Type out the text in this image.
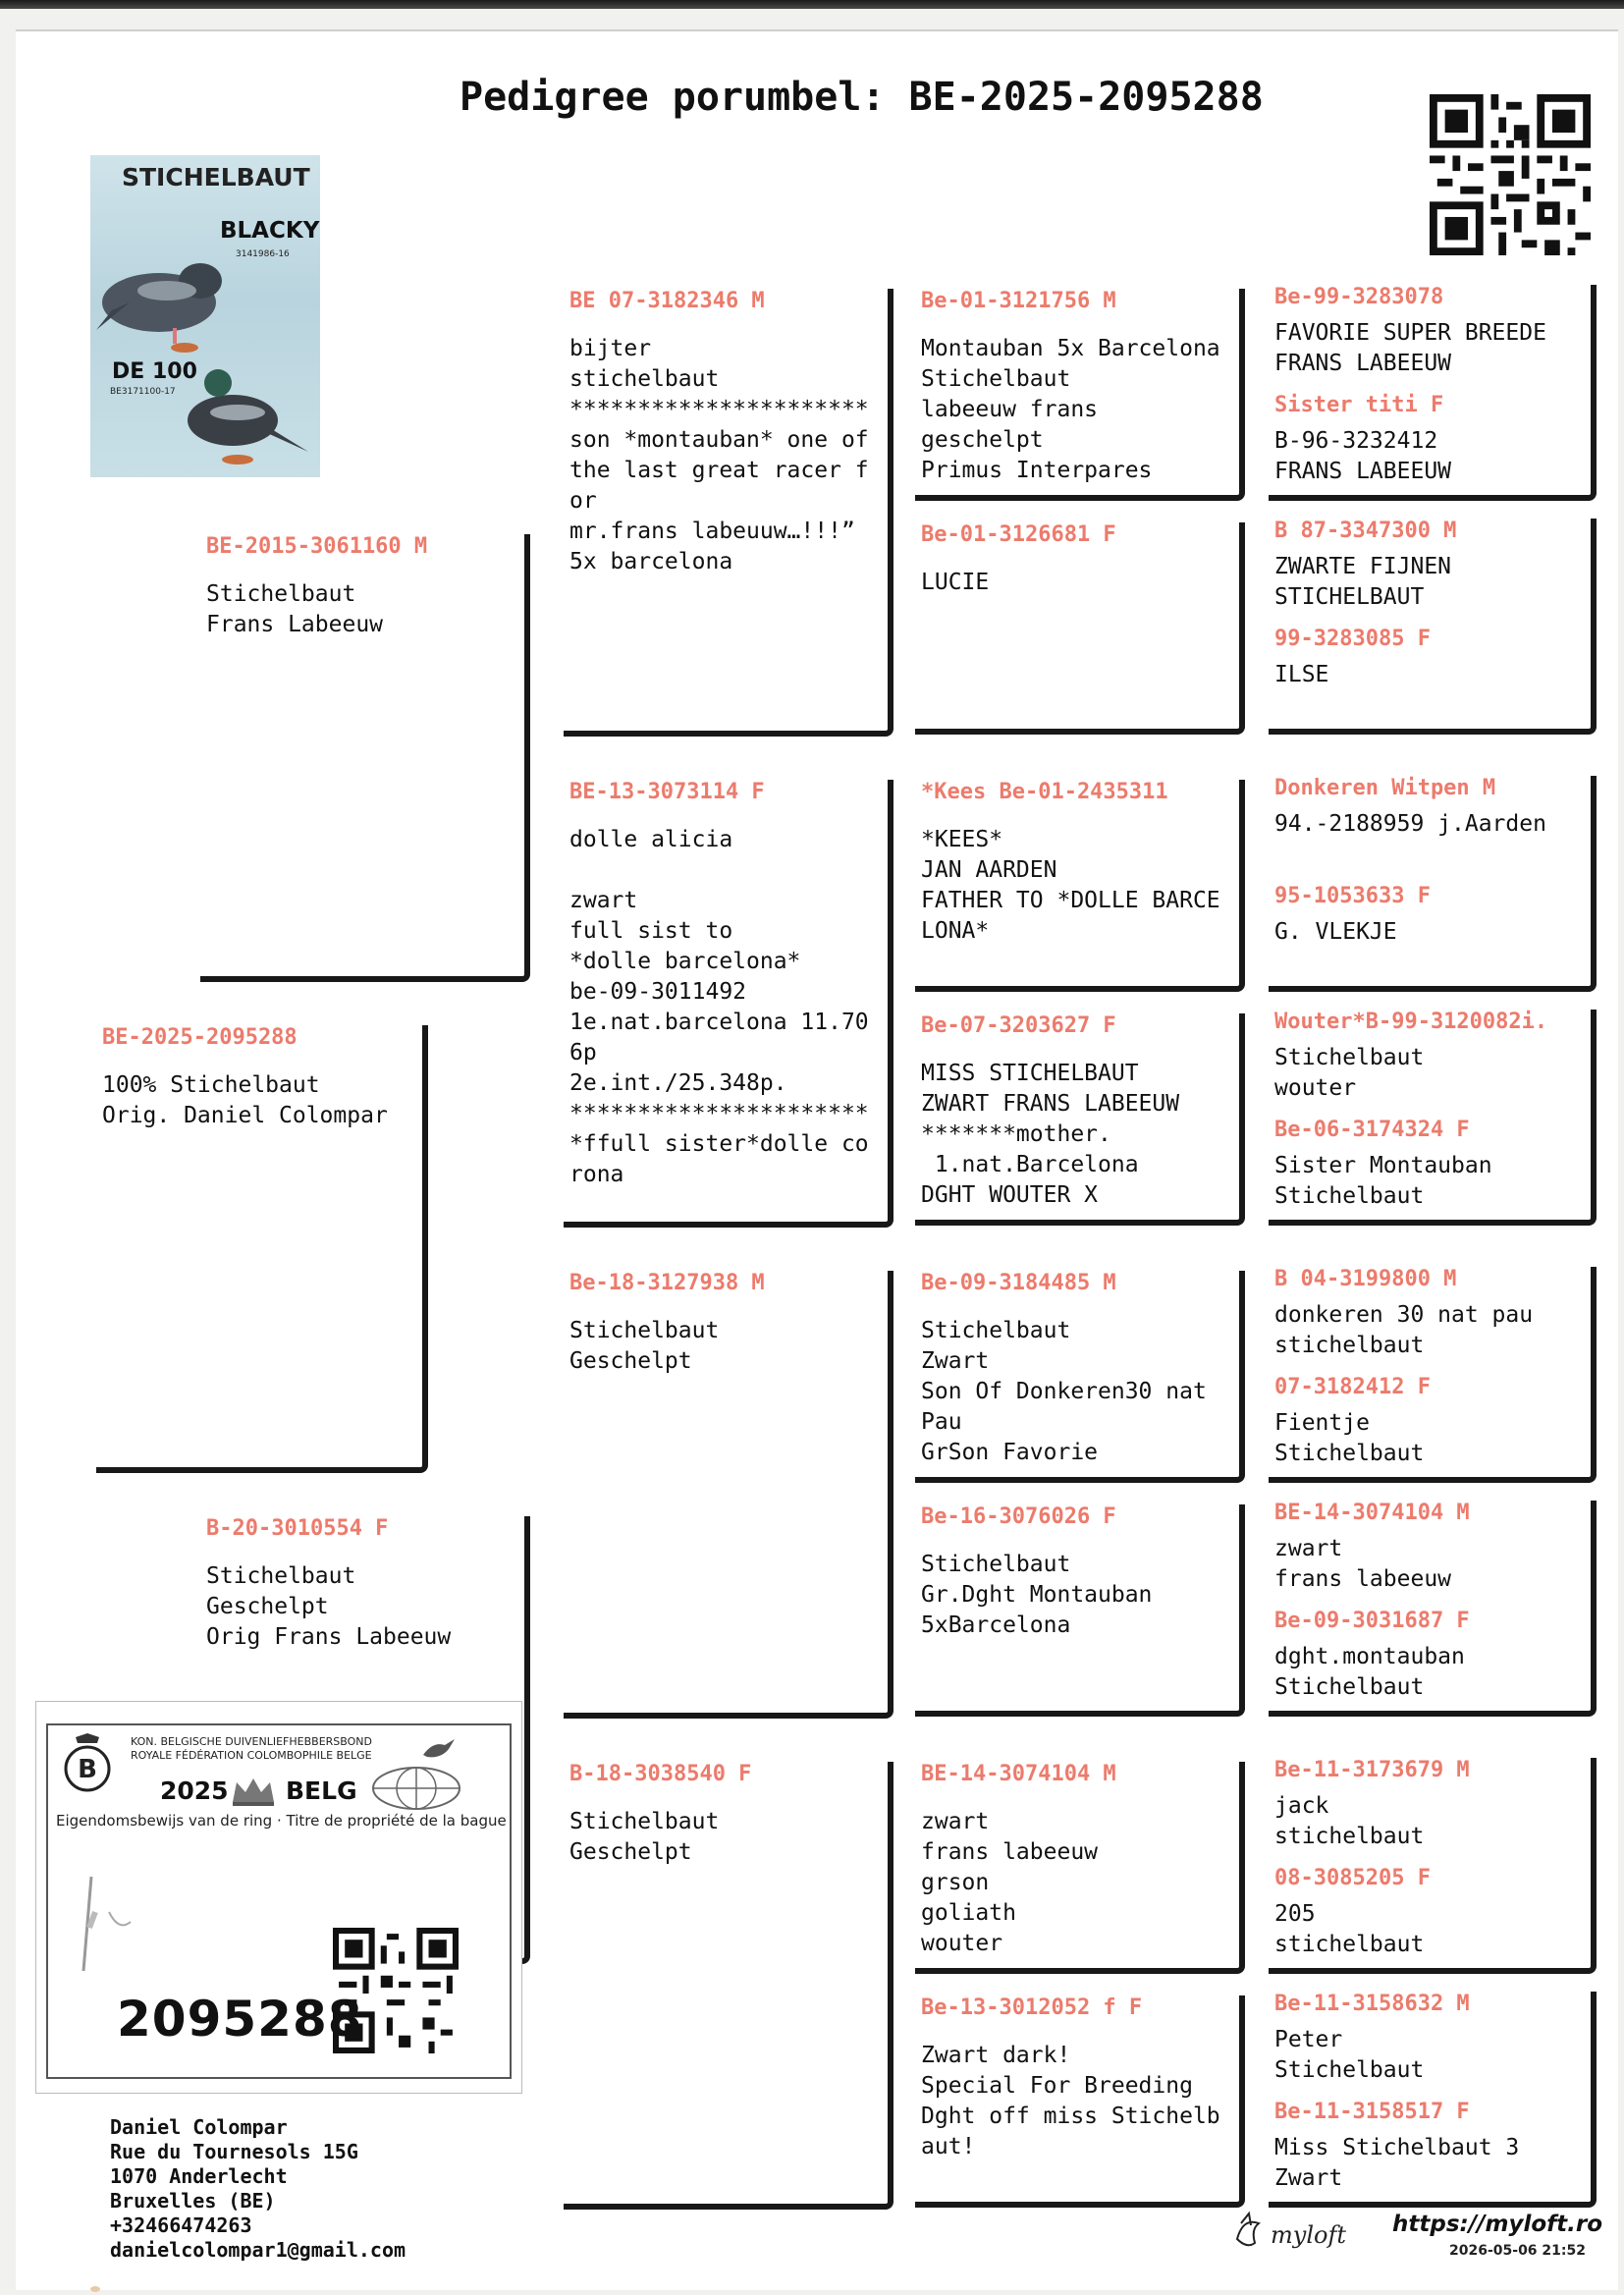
Pedigree porumbel: BE-2025-2095288
STICHELBAUT
BLACKY
3141986-16
DE 100
BE3171100-17
BE-2025-2095288
100% Stichelbaut
Orig. Daniel Colompar
BE-2015-3061160 M
Stichelbaut
Frans Labeeuw
B-20-3010554 F
Stichelbaut
Geschelpt
Orig Frans Labeeuw
BE 07-3182346 M
bijter
stichelbaut
**********************
son *montauban* one of
the last great racer f
or
mr.frans labeuuw…!!!”
5x barcelona
BE-13-3073114 F
dolle alicia

zwart
full sist to
*dolle barcelona*
be-09-3011492
1e.nat.barcelona 11.70
6p
2e.int./25.348p.
**********************
*ffull sister*dolle co
rona
Be-18-3127938 M
Stichelbaut
Geschelpt
B-18-3038540 F
Stichelbaut
Geschelpt
Be-01-3121756 M
Montauban 5x Barcelona
Stichelbaut
labeeuw frans
geschelpt
Primus Interpares
Be-01-3126681 F
LUCIE
*Kees Be-01-2435311
*KEES*
JAN AARDEN
FATHER TO *DOLLE BARCE
LONA*
Be-07-3203627 F
MISS STICHELBAUT
ZWART FRANS LABEEUW
*******mother.
1.nat.Barcelona
DGHT WOUTER X
Be-09-3184485 M
Stichelbaut
Zwart
Son Of Donkeren30 nat
Pau
GrSon Favorie
Be-16-3076026 F
Stichelbaut
Gr.Dght Montauban
5xBarcelona
BE-14-3074104 M
zwart
frans labeeuw
grson
goliath
wouter
Be-13-3012052 f F
Zwart dark!
Special For Breeding
Dght off miss Stichelb
aut!
Be-99-3283078
FAVORIE SUPER BREEDE
FRANS LABEEUW
Sister titi F
B-96-3232412
FRANS LABEEUW
B 87-3347300 M
ZWARTE FIJNEN
STICHELBAUT
99-3283085 F
ILSE
Donkeren Witpen M
94.-2188959 j.Aarden
95-1053633 F
G. VLEKJE
Wouter*B-99-3120082i.
Stichelbaut
wouter
Be-06-3174324 F
Sister Montauban
Stichelbaut
B 04-3199800 M
donkeren 30 nat pau
stichelbaut
07-3182412 F
Fientje
Stichelbaut
BE-14-3074104 M
zwart
frans labeeuw
Be-09-3031687 F
dght.montauban
Stichelbaut
Be-11-3173679 M
jack
stichelbaut
08-3085205 F
205
stichelbaut
Be-11-3158632 M
Peter
Stichelbaut
Be-11-3158517 F
Miss Stichelbaut 3
Zwart
B
KON. BELGISCHE DUIVENLIEFHEBBERSBOND
ROYALE FÉDÉRATION COLOMBOPHILE BELGE
2025 BELG
Eigendomsbewijs van de ring · Titre de propriété de la bague
2095288
Daniel Colompar
Rue du Tournesols 15G
1070 Anderlecht
Bruxelles (BE)
+32466474263
danielcolompar1@gmail.com
myloft https://myloft.ro
2026-05-06 21:52
